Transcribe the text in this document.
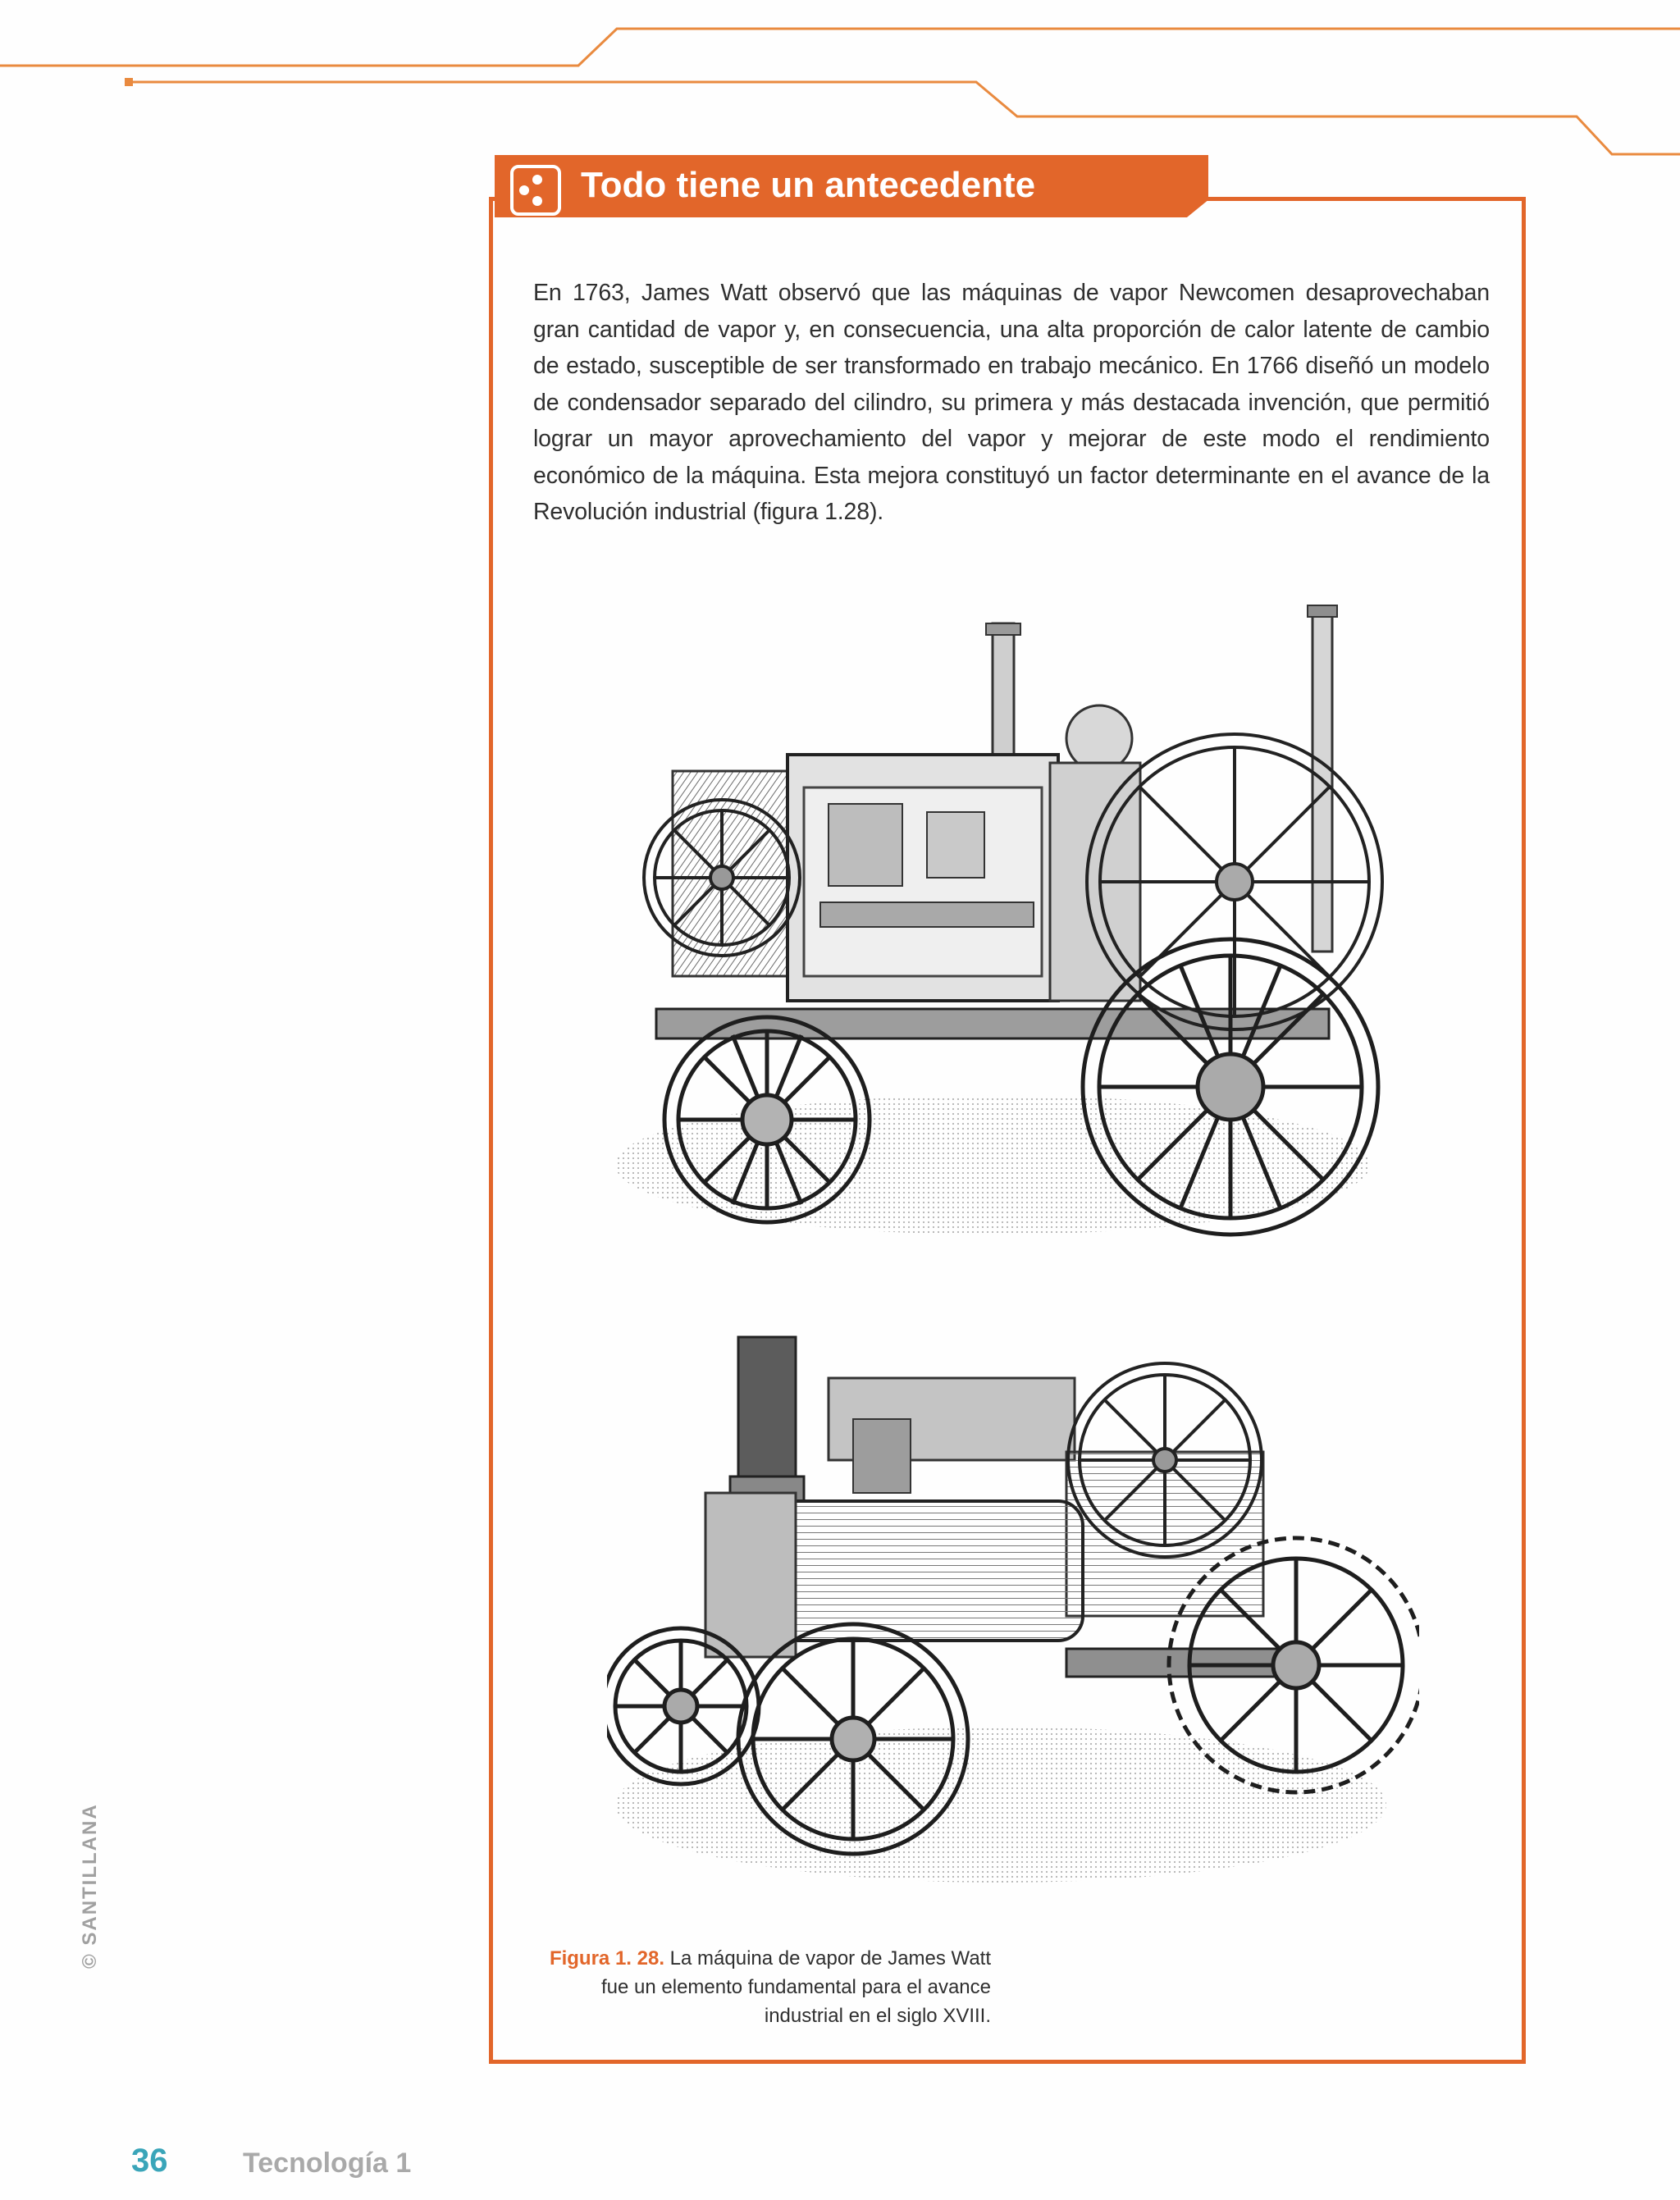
Todo tiene un antecedente

En 1763, James Watt observó que las máquinas de vapor Newcomen desaprovechaban gran cantidad de vapor y, en consecuencia, una alta proporción de calor latente de cambio de estado, susceptible de ser transformado en trabajo mecánico. En 1766 diseñó un modelo de condensador separado del cilindro, su primera y más destacada invención, que permitió lograr un mayor aprovechamiento del vapor y mejorar de este modo el rendimiento económico de la máquina. Esta mejora constituyó un factor determinante en el avance de la Revolución industrial (figura 1.28).

Figura 1. 28. La máquina de vapor de James Watt fue un elemento fundamental para el avance industrial en el siglo XVIII.
© SANTILLANA
36	Tecnología 1
